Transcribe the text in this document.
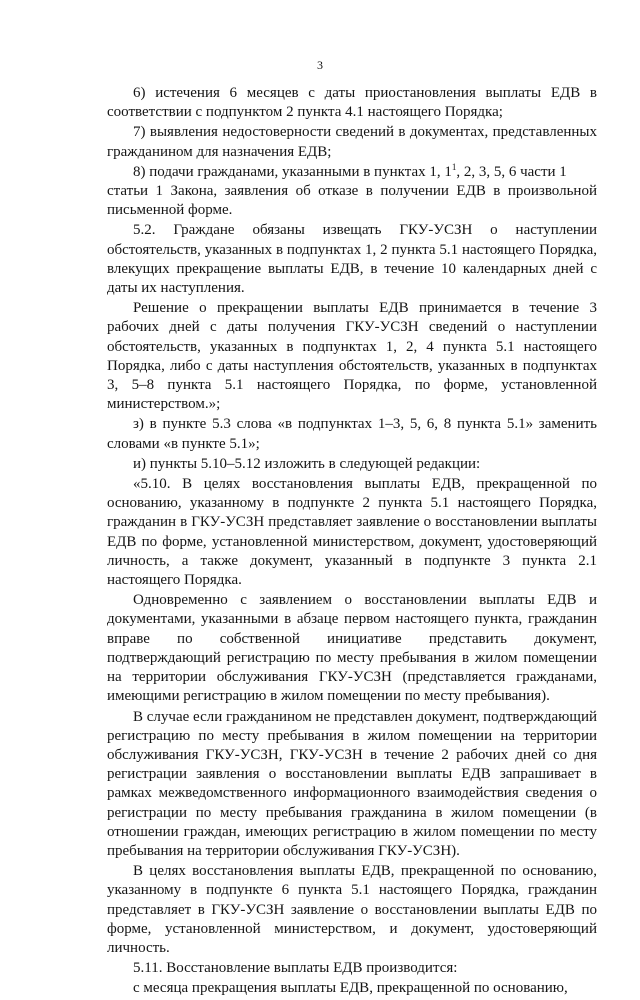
3

6) истечения 6 месяцев с даты приостановления выплаты ЕДВ в соответствии с подпунктом 2 пункта 4.1 настоящего Порядка;

7) выявления недостоверности сведений в документах, представленных гражданином для назначения ЕДВ;

8) подачи гражданами, указанными в пунктах 1, $1^1$, 2, 3, 5, 6 части 1

статьи 1 Закона, заявления об отказе в получении ЕДВ в произвольной письменной форме.

5.2. Граждане обязаны извещать ГКУ-УСЗН о наступлении обстоятельств, указанных в подпунктах 1, 2 пункта 5.1 настоящего Порядка, влекущих прекращение выплаты ЕДВ, в течение 10 календарных дней с даты их наступления.

Решение о прекращении выплаты ЕДВ принимается в течение 3 рабочих дней с даты получения ГКУ-УСЗН сведений о наступлении обстоятельств, указанных в подпунктах 1, 2, 4 пункта 5.1 настоящего Порядка, либо с даты наступления обстоятельств, указанных в подпунктах 3, 5–8 пункта 5.1 настоящего Порядка, по форме, установленной министерством.»;

з) в пункте 5.3 слова «в подпунктах 1–3, 5, 6, 8 пункта 5.1» заменить словами «в пункте 5.1»;

и) пункты 5.10–5.12 изложить в следующей редакции:

«5.10. В целях восстановления выплаты ЕДВ, прекращенной по основанию, указанному в подпункте 2 пункта 5.1 настоящего Порядка, гражданин в ГКУ-УСЗН представляет заявление о восстановлении выплаты ЕДВ по форме, установленной министерством, документ, удостоверяющий личность, а также документ, указанный в подпункте 3 пункта 2.1 настоящего Порядка.

Одновременно с заявлением о восстановлении выплаты ЕДВ и документами, указанными в абзаце первом настоящего пункта, гражданин вправе по собственной инициативе представить документ, подтверждающий регистрацию по месту пребывания в жилом помещении на территории обслуживания ГКУ-УСЗН (представляется гражданами, имеющими регистрацию в жилом помещении по месту пребывания).

В случае если гражданином не представлен документ, подтверждающий регистрацию по месту пребывания в жилом помещении на территории обслуживания ГКУ-УСЗН, ГКУ-УСЗН в течение 2 рабочих дней со дня регистрации заявления о восстановлении выплаты ЕДВ запрашивает в рамках межведомственного информационного взаимодействия сведения о регистрации по месту пребывания гражданина в жилом помещении (в отношении граждан, имеющих регистрацию в жилом помещении по месту пребывания на территории обслуживания ГКУ-УСЗН).

В целях восстановления выплаты ЕДВ, прекращенной по основанию, указанному в подпункте 6 пункта 5.1 настоящего Порядка, гражданин представляет в ГКУ-УСЗН заявление о восстановлении выплаты ЕДВ по форме, установленной министерством, и документ, удостоверяющий личность.

5.11. Восстановление выплаты ЕДВ производится:

с месяца прекращения выплаты ЕДВ, прекращенной по основанию,
